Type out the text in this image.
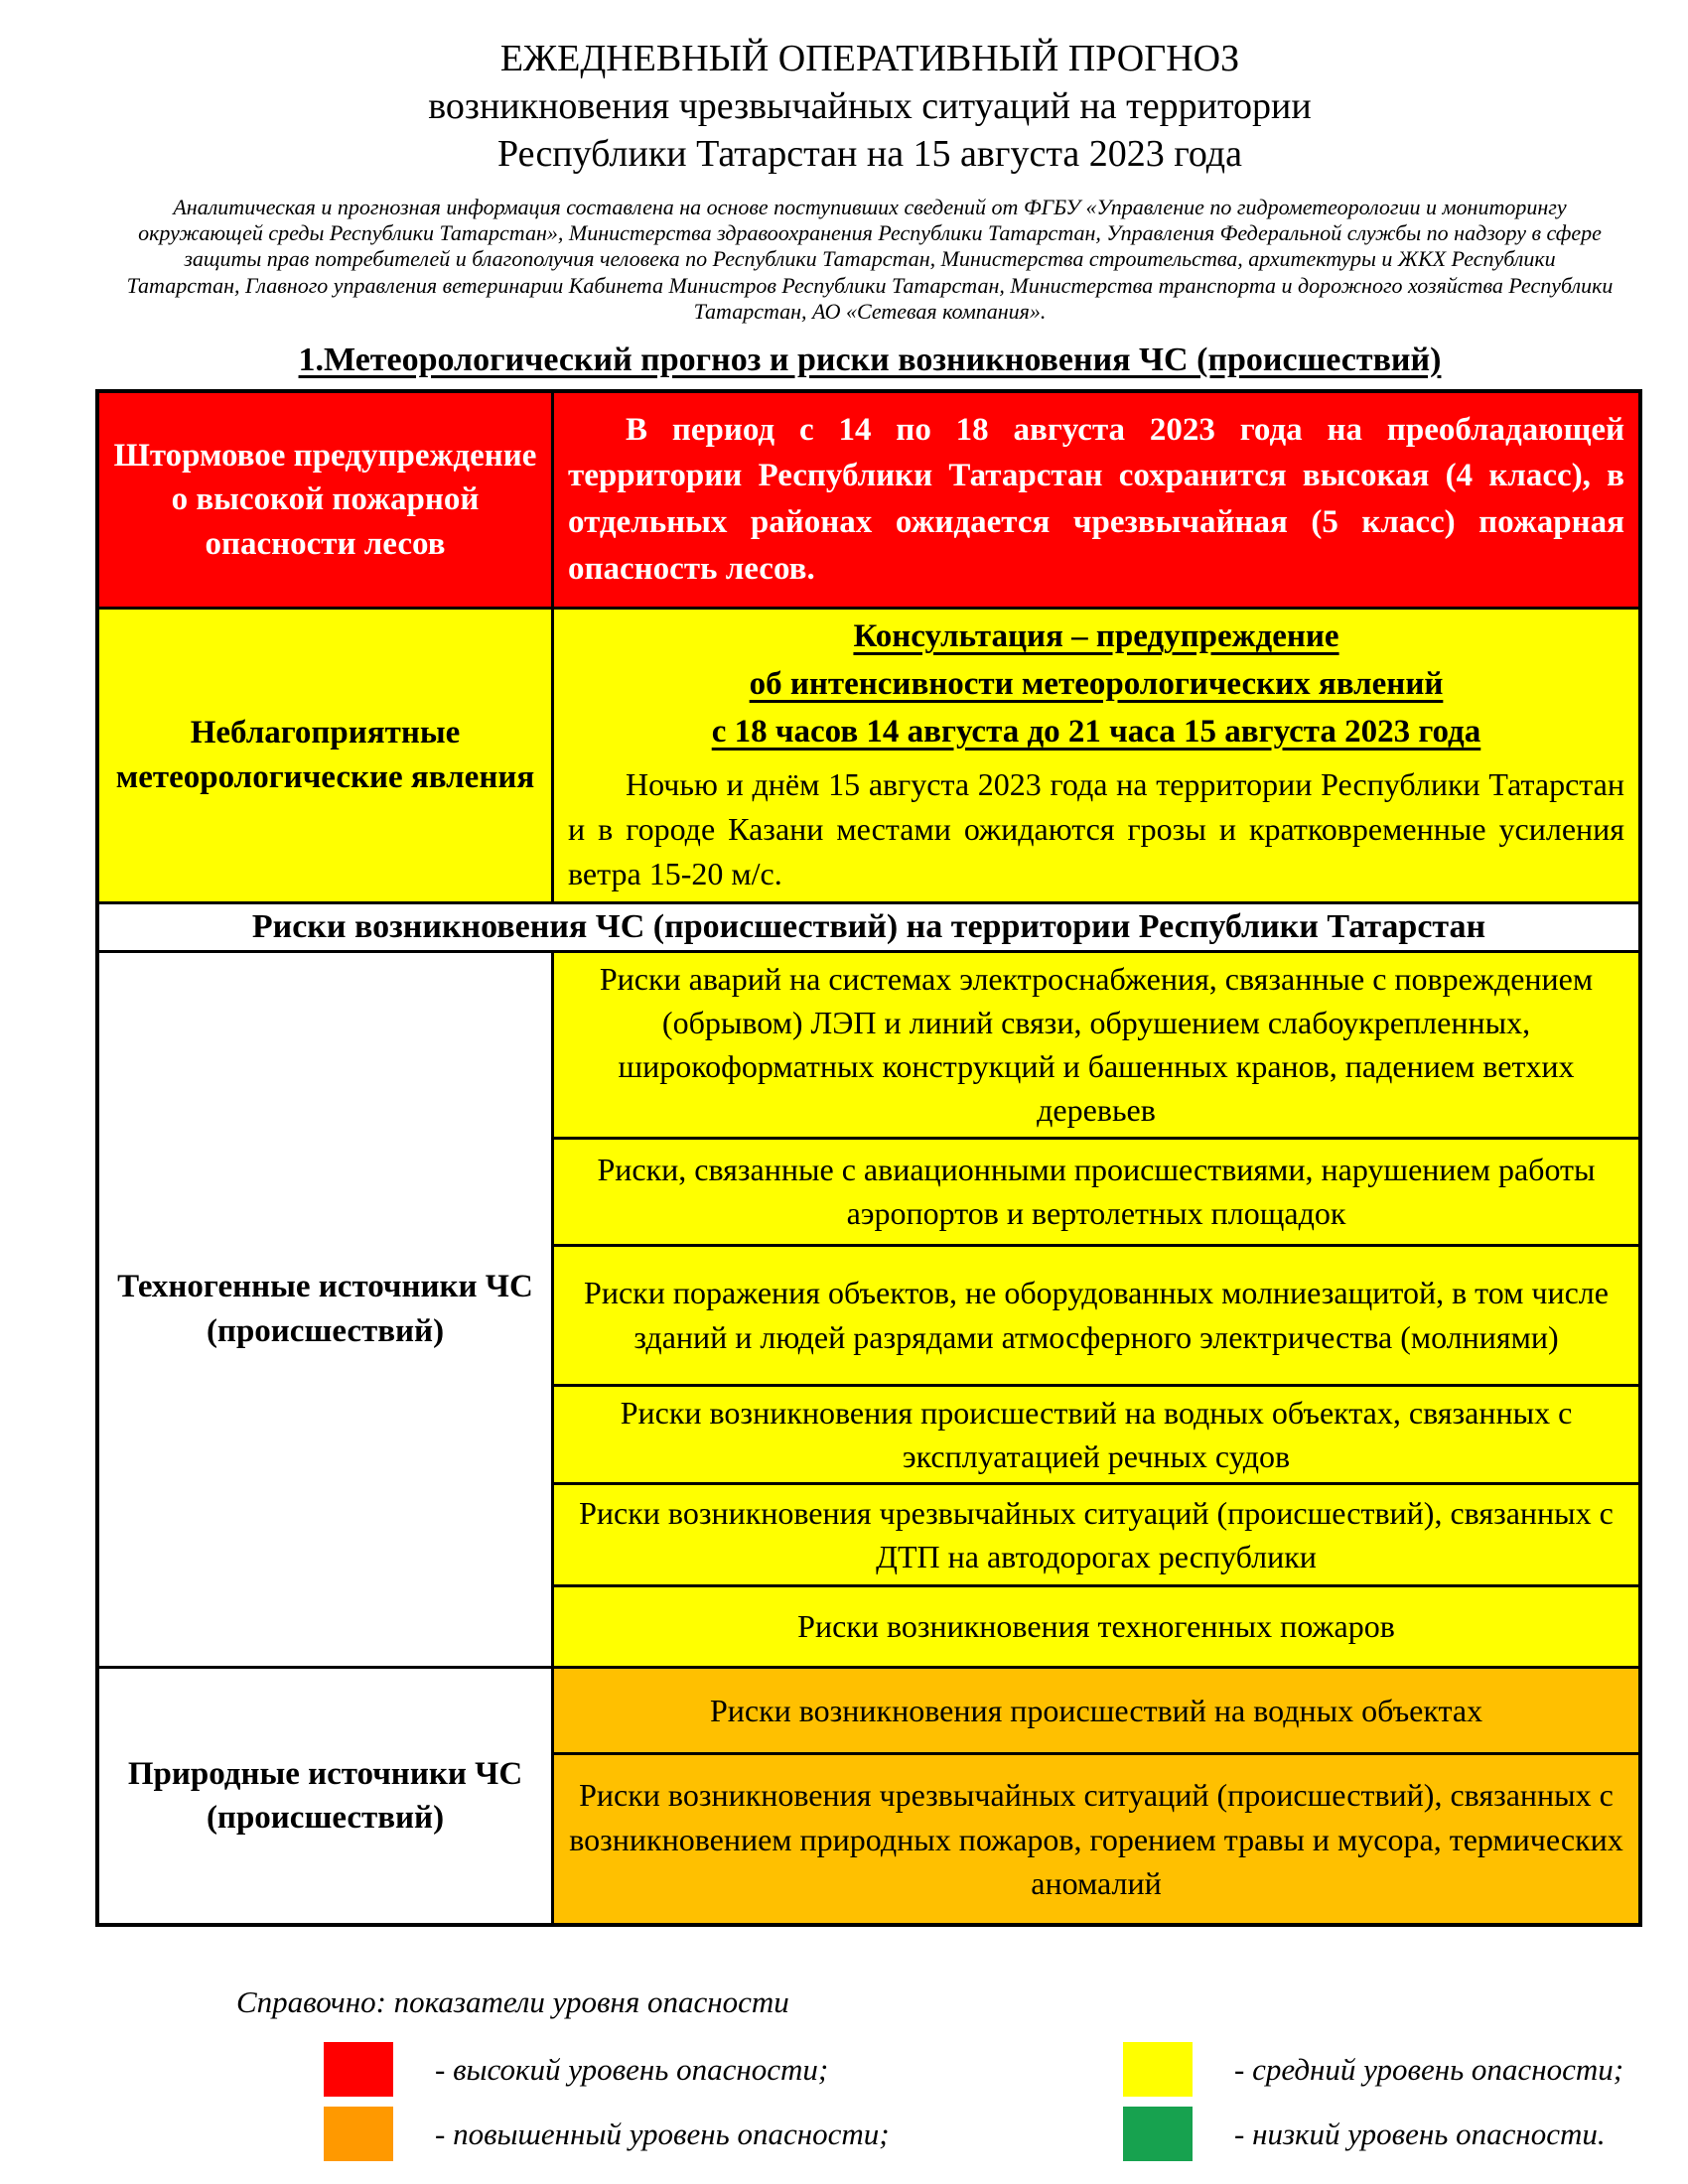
ЕЖЕДНЕВНЫЙ ОПЕРАТИВНЫЙ ПРОГНОЗ
возникновения чрезвычайных ситуаций на территории
Республики Татарстан на 15 августа 2023 года
Аналитическая и прогнозная информация составлена на основе поступивших сведений от ФГБУ «Управление по гидрометеорологии и мониторингу окружающей среды Республики Татарстан», Министерства здравоохранения Республики Татарстан, Управления Федеральной службы по надзору в сфере защиты прав потребителей и благополучия человека по Республики Татарстан, Министерства строительства, архитектуры и ЖКХ Республики Татарстан, Главного управления ветеринарии Кабинета Министров Республики Татарстан, Министерства транспорта и дорожного хозяйства Республики Татарстан, АО «Сетевая компания».
1.Метеорологический прогноз и риски возникновения ЧС (происшествий)
Штормовое предупреждение о высокой пожарной опасности лесов	В период с 14 по 18 августа 2023 года на преобладающей территории Республики Татарстан сохранится высокая (4 класс), в отдельных районах ожидается чрезвычайная (5 класс) пожарная опасность лесов.
Неблагоприятные метеорологические явления	Консультация – предупреждение
об интенсивности метеорологических явлений
с 18 часов 14 августа до 21 часа 15 августа 2023 года
Ночью и днём 15 августа 2023 года на территории Республики Татарстан и в городе Казани местами ожидаются грозы и кратковременные усиления ветра 15-20 м/с.

Риски возникновения ЧС (происшествий) на территории Республики Татарстан	
Техногенные источники ЧС (происшествий)	Риски аварий на системах электроснабжения, связанные с повреждением (обрывом) ЛЭП и линий связи, обрушением слабоукрепленных, широкоформатных конструкций и башенных кранов, падением ветхих деревьев
	Риски, связанные с авиационными происшествиями, нарушением работы аэропортов и вертолетных площадок
	Риски поражения объектов, не оборудованных молниезащитой, в том числе зданий и людей разрядами атмосферного электричества (молниями)
	Риски возникновения происшествий на водных объектах, связанных с эксплуатацией речных судов
	Риски возникновения чрезвычайных ситуаций (происшествий), связанных с ДТП на автодорогах республики
	Риски возникновения техногенных пожаров
Природные источники ЧС (происшествий)	Риски возникновения происшествий на водных объектах
	Риски возникновения чрезвычайных ситуаций (происшествий), связанных с возникновением природных пожаров, горением травы и мусора, термических аномалий
Справочно: показатели уровня опасности
- высокий уровень опасности;	- средний уровень опасности;
- повышенный уровень опасности;	- низкий уровень опасности.
